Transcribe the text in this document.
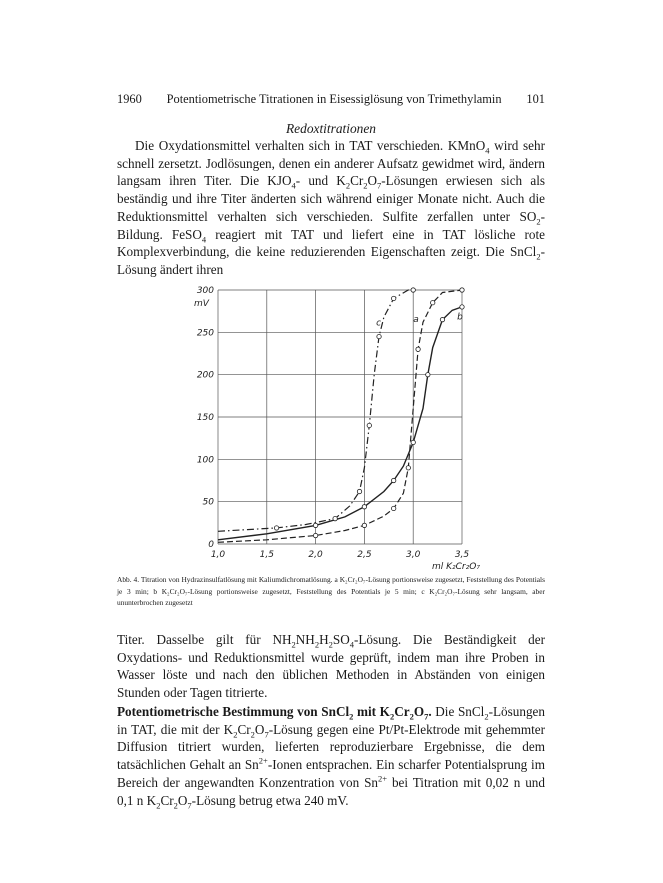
1960	Potentiometrische Titrationen in Eisessiglösung von Trimethylamin	101
Redoxtitrationen

Die Oxydationsmittel verhalten sich in TAT verschieden. KMnO$_4$ wird sehr schnell zersetzt. Jodlösungen, denen ein anderer Aufsatz gewidmet wird, ändern langsam ihren Titer. Die $KJO_4-$ und $K_2Cr_2O_7$-Lösungen erwiesen sich als beständig und ihre Titer änderten sich während einiger Monate nicht. Auch die Reduktionsmittel verhalten sich verschieden. Sulfite zerfallen unter $SO_2$-Bildung. FeSO$_4$ reagiert mit TAT und liefert eine in TAT lösliche rote Komplexverbindung, die keine reduzierenden Eigenschaften zeigt. Die SnCl$_2$-Lösung ändert ihren

1,0	1,5	2,0	2,5	3,0	3,5
0
50
100
150
200
250
300
mV
ml K₂Cr₂O₇
a	b
c

Abb. 4. Titration von Hydrazinsulfatlösung mit Kaliumdichromatlösung. a K₂Cr₂O₇-Lösung portionsweise zugesetzt, Feststellung des Potentials je 3 min; b K₂Cr₂O₇-Lösung portionsweise zugesetzt, Feststellung des Potentials je 5 min; c K₂Cr₂O₇-Lösung sehr langsam, aber ununterbrochen zugesetzt

Titer. Dasselbe gilt für $NH_2NH_2H_2SO_4$-Lösung. Die Beständigkeit der Oxydations- und Reduktionsmittel wurde geprüft, indem man ihre Proben in Wasser löste und nach den üblichen Methoden in Abständen von einigen Stunden oder Tagen titrierte.

Potentiometrische Bestimmung von SnCl$_2$ mit $K_2Cr_2O_7$. Die SnCl$_2$-Lösungen in TAT, die mit der $K_2Cr_2O_7$-Lösung gegen eine Pt/Pt-Elektrode mit gehemmter Diffusion titriert wurden, lieferten reproduzierbare Ergebnisse, die dem tatsächlichen Gehalt an $Sn^{2+}$-Ionen entsprachen. Ein scharfer Potentialsprung im Bereich der angewandten Konzentration von $Sn^{2+}$ bei Titration mit 0,02 n und 0,1 n $K_2Cr_2O_7$-Lösung betrug etwa 240 mV.
